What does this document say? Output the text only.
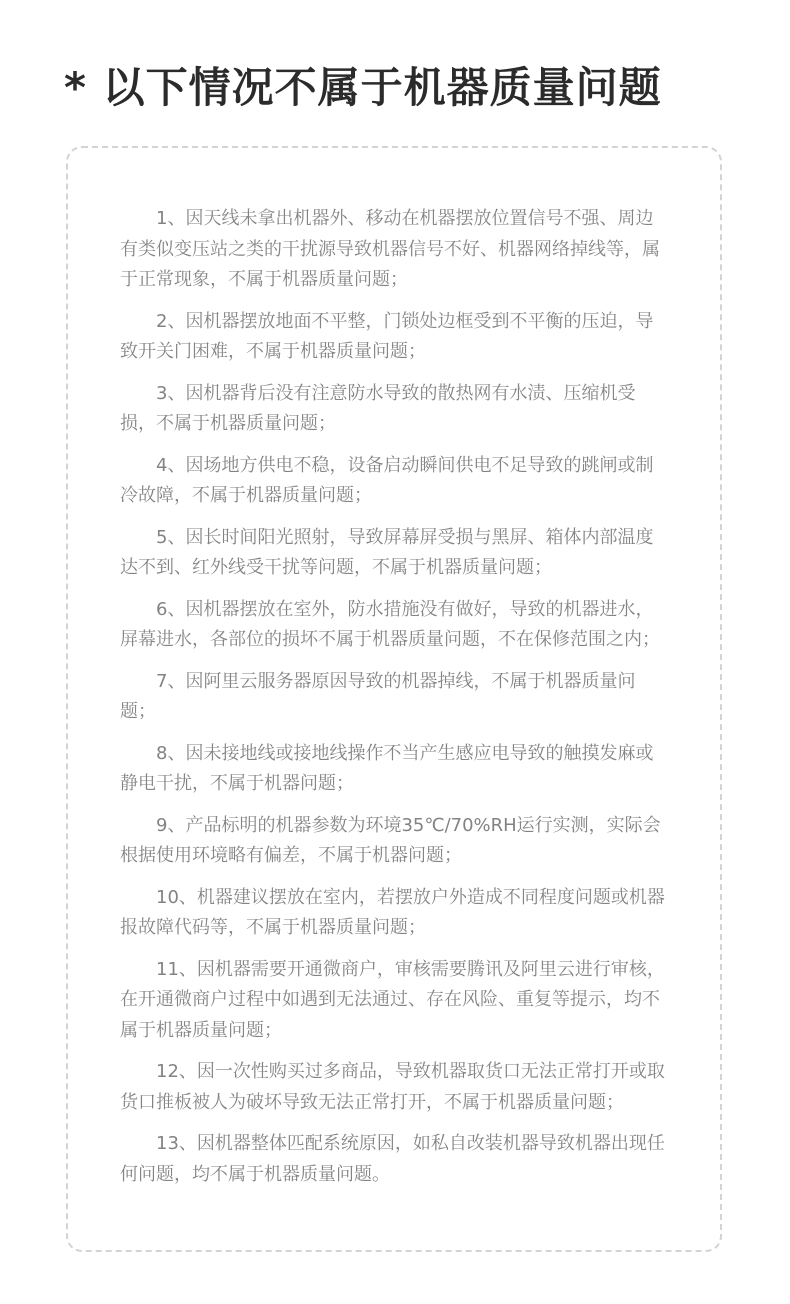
* 以下情况不属于机器质量问题
1、因天线未拿出机器外、移动在机器摆放位置信号不强、周边有类似变压站之类的干扰源导致机器信号不好、机器网络掉线等，属于正常现象，不属于机器质量问题；
2、因机器摆放地面不平整，门锁处边框受到不平衡的压迫，导致开关门困难，不属于机器质量问题；
3、因机器背后没有注意防水导致的散热网有水渍、压缩机受损，不属于机器质量问题；
4、因场地方供电不稳，设备启动瞬间供电不足导致的跳闸或制冷故障，不属于机器质量问题；
5、因长时间阳光照射，导致屏幕屏受损与黑屏、箱体内部温度达不到、红外线受干扰等问题，不属于机器质量问题；
6、因机器摆放在室外，防水措施没有做好，导致的机器进水，屏幕进水，各部位的损坏不属于机器质量问题，不在保修范围之内；
7、因阿里云服务器原因导致的机器掉线，不属于机器质量问题；
8、因未接地线或接地线操作不当产生感应电导致的触摸发麻或静电干扰，不属于机器问题；
9、产品标明的机器参数为环境35℃/70%RH运行实测，实际会根据使用环境略有偏差，不属于机器问题；
10、机器建议摆放在室内，若摆放户外造成不同程度问题或机器报故障代码等，不属于机器质量问题；
11、因机器需要开通微商户，审核需要腾讯及阿里云进行审核，在开通微商户过程中如遇到无法通过、存在风险、重复等提示，均不属于机器质量问题；
12、因一次性购买过多商品，导致机器取货口无法正常打开或取货口推板被人为破坏导致无法正常打开，不属于机器质量问题；
13、因机器整体匹配系统原因，如私自改装机器导致机器出现任何问题，均不属于机器质量问题。
